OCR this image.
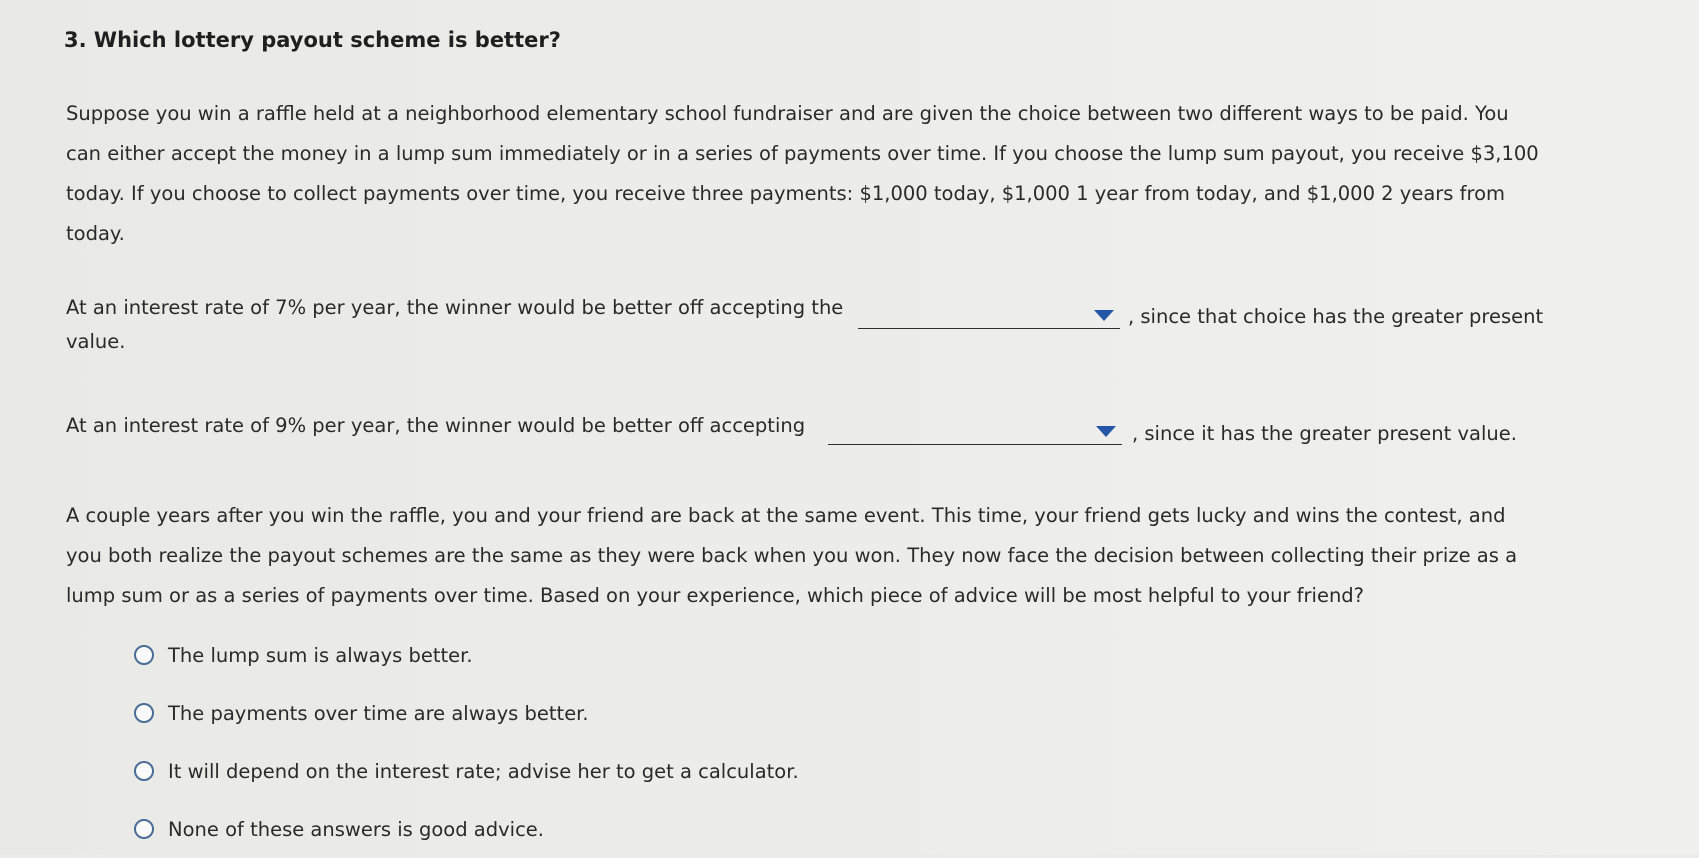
3. Which lottery payout scheme is better?
Suppose you win a raffle held at a neighborhood elementary school fundraiser and are given the choice between two different ways to be paid. You
can either accept the money in a lump sum immediately or in a series of payments over time. If you choose the lump sum payout, you receive $3,100
today. If you choose to collect payments over time, you receive three payments: $1,000 today, $1,000 1 year from today, and $1,000 2 years from
today.
At an interest rate of 7% per year, the winner would be better off accepting the	, since that choice has the greater present
value.
At an interest rate of 9% per year, the winner would be better off accepting	, since it has the greater present value.
A couple years after you win the raffle, you and your friend are back at the same event. This time, your friend gets lucky and wins the contest, and
you both realize the payout schemes are the same as they were back when you won. They now face the decision between collecting their prize as a
lump sum or as a series of payments over time. Based on your experience, which piece of advice will be most helpful to your friend?
The lump sum is always better.
The payments over time are always better.
It will depend on the interest rate; advise her to get a calculator.
None of these answers is good advice.
